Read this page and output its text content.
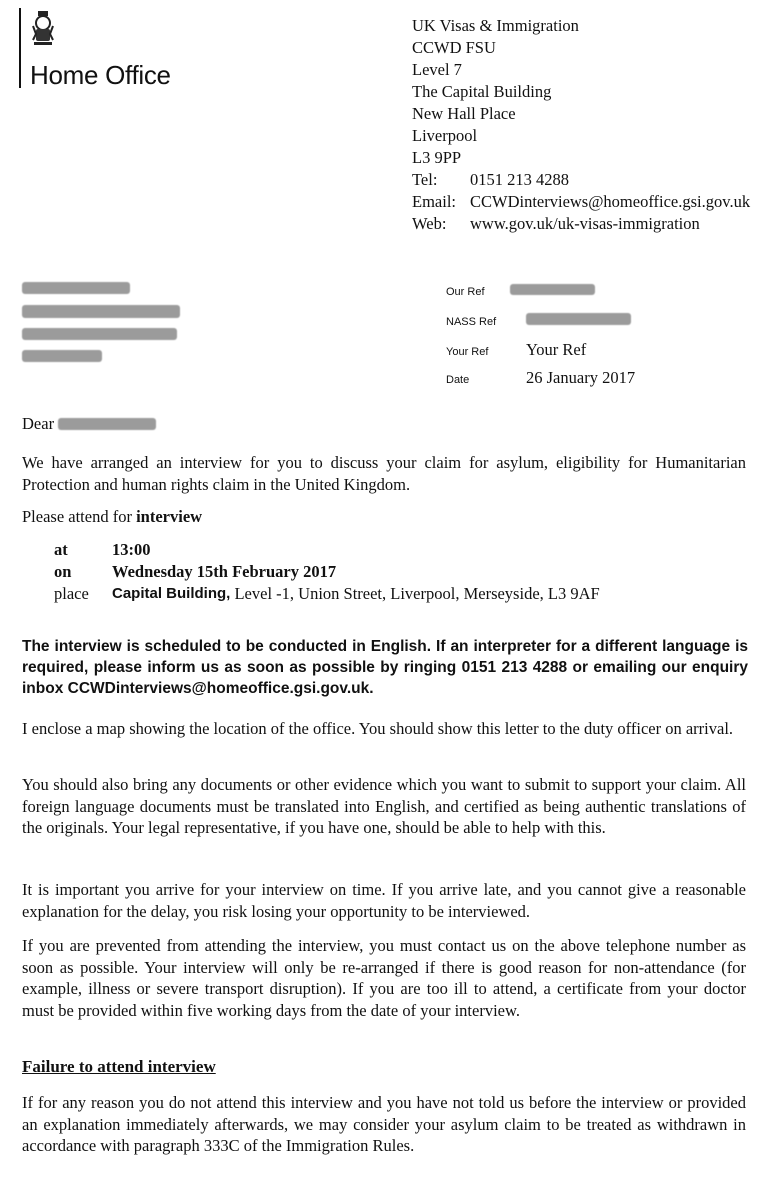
Home Office
UK Visas & Immigration
CCWD FSU
Level 7
The Capital Building
New Hall Place
Liverpool
L3 9PP
Tel:	0151 213 4288
Email: CCWDinterviews@homeoffice.gsi.gov.uk
Web:	www.gov.uk/uk-visas-immigration
Our Ref
NASS Ref
Your Ref	Your Ref
Date	26 January 2017
Dear
We have arranged an interview for you to discuss your claim for asylum, eligibility for Humanitarian Protection and human rights claim in the United Kingdom.
Please attend for interview
at	13:00
on	Wednesday 15th February 2017
place	Capital Building, Level -1, Union Street, Liverpool, Merseyside, L3 9AF
The interview is scheduled to be conducted in English. If an interpreter for a different language is required, please inform us as soon as possible by ringing 0151 213 4288 or emailing our enquiry inbox CCWDinterviews@homeoffice.gsi.gov.uk.
I enclose a map showing the location of the office. You should show this letter to the duty officer on arrival.
You should also bring any documents or other evidence which you want to submit to support your claim. All foreign language documents must be translated into English, and certified as being authentic translations of the originals. Your legal representative, if you have one, should be able to help with this.
It is important you arrive for your interview on time. If you arrive late, and you cannot give a reasonable explanation for the delay, you risk losing your opportunity to be interviewed.
If you are prevented from attending the interview, you must contact us on the above telephone number as soon as possible. Your interview will only be re-arranged if there is good reason for non-attendance (for example, illness or severe transport disruption). If you are too ill to attend, a certificate from your doctor must be provided within five working days from the date of your interview.
Failure to attend interview
If for any reason you do not attend this interview and you have not told us before the interview or provided an explanation immediately afterwards, we may consider your asylum claim to be treated as withdrawn in accordance with paragraph 333C of the Immigration Rules.
